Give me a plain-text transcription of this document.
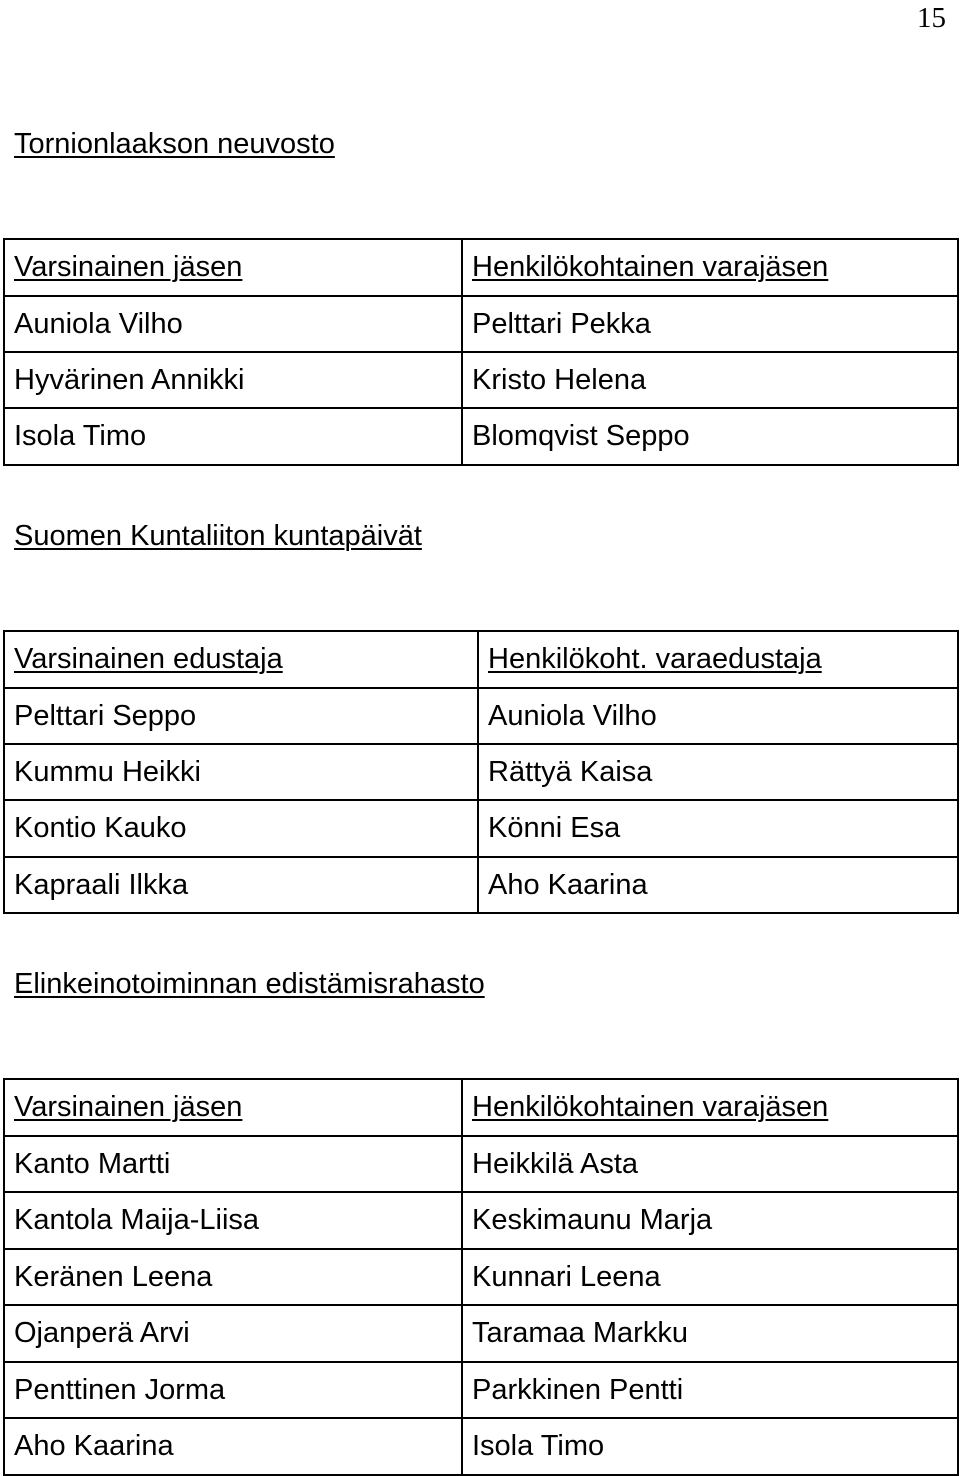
15
Tornionlaakson neuvosto
Varsinainen jäsen	Henkilökohtainen varajäsen
Auniola Vilho	Pelttari Pekka
Hyvärinen Annikki	Kristo Helena
Isola Timo	Blomqvist Seppo
Suomen Kuntaliiton kuntapäivät
Varsinainen edustaja	Henkilökoht. varaedustaja
Pelttari Seppo	Auniola Vilho
Kummu Heikki	Rättyä Kaisa
Kontio Kauko	Könni Esa
Kapraali Ilkka	Aho Kaarina
Elinkeinotoiminnan edistämisrahasto
Varsinainen jäsen	Henkilökohtainen varajäsen
Kanto Martti	Heikkilä Asta
Kantola Maija-Liisa	Keskimaunu Marja
Keränen Leena	Kunnari Leena
Ojanperä Arvi	Taramaa Markku
Penttinen Jorma	Parkkinen Pentti
Aho Kaarina	Isola Timo
